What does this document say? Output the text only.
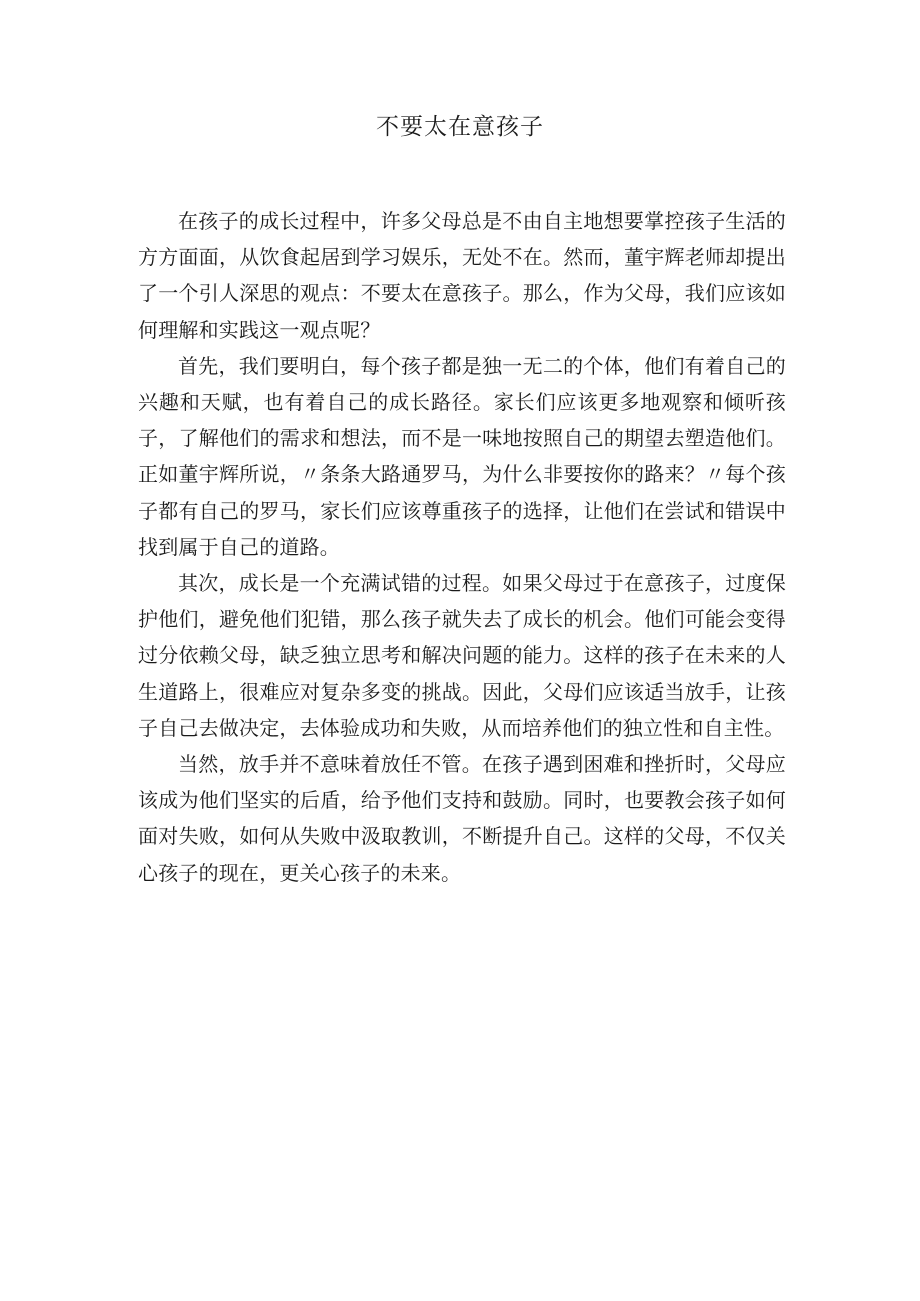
不要太在意孩子

在孩子的成长过程中，许多父母总是不由自主地想要掌控孩子生活的方方面面，从饮食起居到学习娱乐，无处不在。然而，董宇辉老师却提出了一个引人深思的观点：不要太在意孩子。那么，作为父母，我们应该如何理解和实践这一观点呢？

首先，我们要明白，每个孩子都是独一无二的个体，他们有着自己的兴趣和天赋，也有着自己的成长路径。家长们应该更多地观察和倾听孩子，了解他们的需求和想法，而不是一味地按照自己的期望去塑造他们。正如董宇辉所说，〃条条大路通罗马，为什么非要按你的路来？〃每个孩子都有自己的罗马，家长们应该尊重孩子的选择，让他们在尝试和错误中找到属于自己的道路。

其次，成长是一个充满试错的过程。如果父母过于在意孩子，过度保护他们，避免他们犯错，那么孩子就失去了成长的机会。他们可能会变得过分依赖父母，缺乏独立思考和解决问题的能力。这样的孩子在未来的人生道路上，很难应对复杂多变的挑战。因此，父母们应该适当放手，让孩子自己去做决定，去体验成功和失败，从而培养他们的独立性和自主性。

当然，放手并不意味着放任不管。在孩子遇到困难和挫折时，父母应该成为他们坚实的后盾，给予他们支持和鼓励。同时，也要教会孩子如何面对失败，如何从失败中汲取教训，不断提升自己。这样的父母，不仅关心孩子的现在，更关心孩子的未来。
